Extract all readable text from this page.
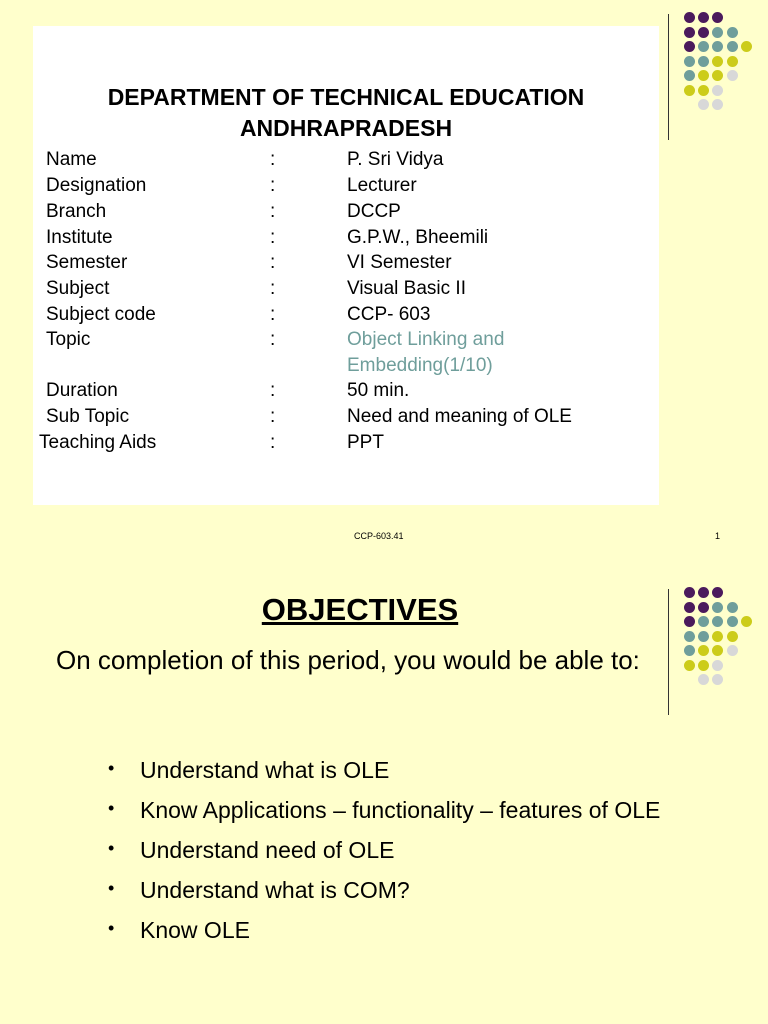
DEPARTMENT OF TECHNICAL EDUCATION
ANDHRAPRADESH
Name	:	P. Sri Vidya
Designation	:	Lecturer
Branch	:	DCCP
Institute	:	G.P.W., Bheemili
Semester	:	VI Semester
Subject	:	Visual Basic II
Subject code	:	CCP- 603
Topic	:	Object Linking and
Embedding(1/10)
Duration	:	50 min.
Sub Topic	:	Need and meaning of OLE
Teaching Aids	:	PPT
CCP-603.41	1
OBJECTIVES
On completion of this period, you would be able to:
• Understand what is OLE
• Know Applications – functionality – features of OLE
• Understand need of OLE
• Understand what is COM?
• Know OLE
